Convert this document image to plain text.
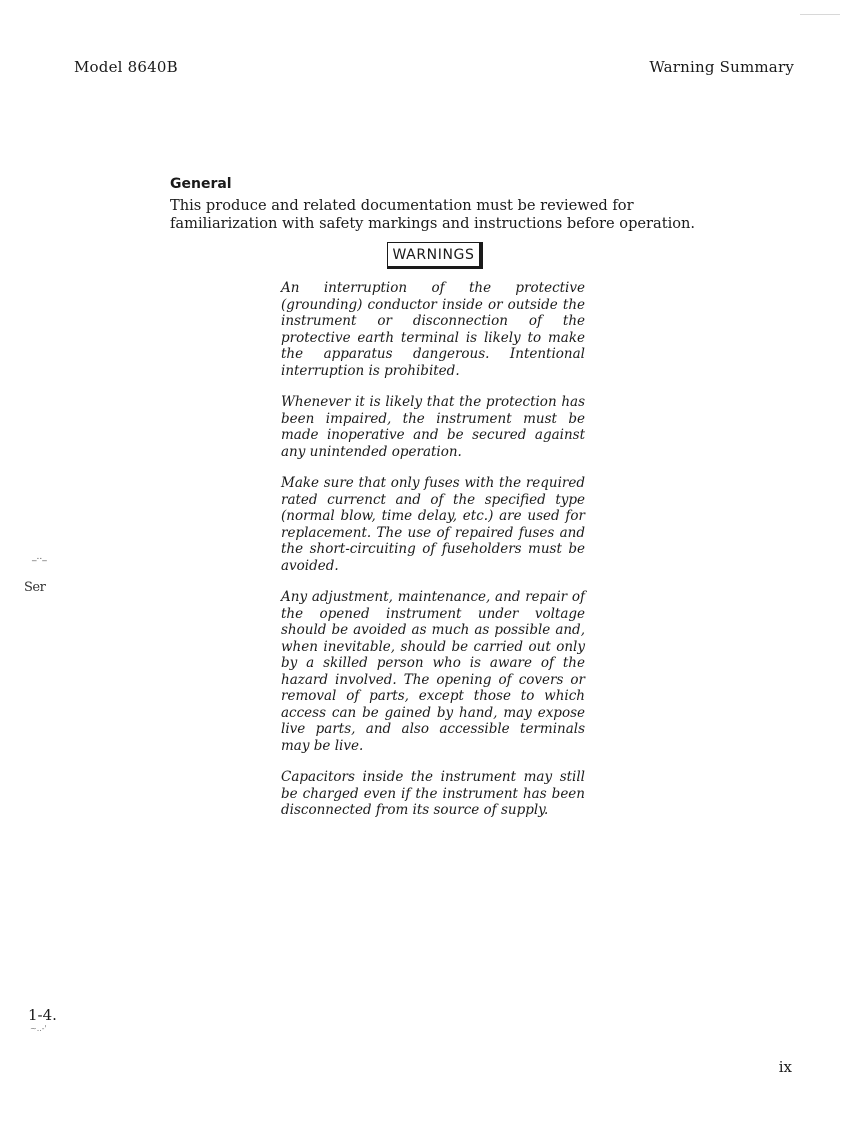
Model 8640B	Warning Summary
General
This produce and related documentation must be reviewed for familiarization with safety markings and instructions before operation.
WARNINGS

An interruption of the protective (grounding) conductor inside or outside the instrument or disconnection of the protective earth terminal is likely to make the apparatus dangerous. Intentional interruption is prohibited.

Whenever it is likely that the protection has been impaired, the instrument must be made inoperative and be secured against any unintended operation.

Make sure that only fuses with the required rated currenct and of the specified type (normal blow, time delay, etc.) are used for replacement. The use of repaired fuses and the short-circuiting of fuseholders must be avoided.

Any adjustment, maintenance, and repair of the opened instrument under voltage should be avoided as much as possible and, when inevitable, should be carried out only by a skilled person who is aware of the hazard involved. The opening of covers or removal of parts, except those to which access can be gained by hand, may expose live parts, and also accessible terminals may be live.

Capacitors inside the instrument may still be charged even if the instrument has been disconnected from its source of supply.

_.._
Ser
1-4.
~..-'
ix
